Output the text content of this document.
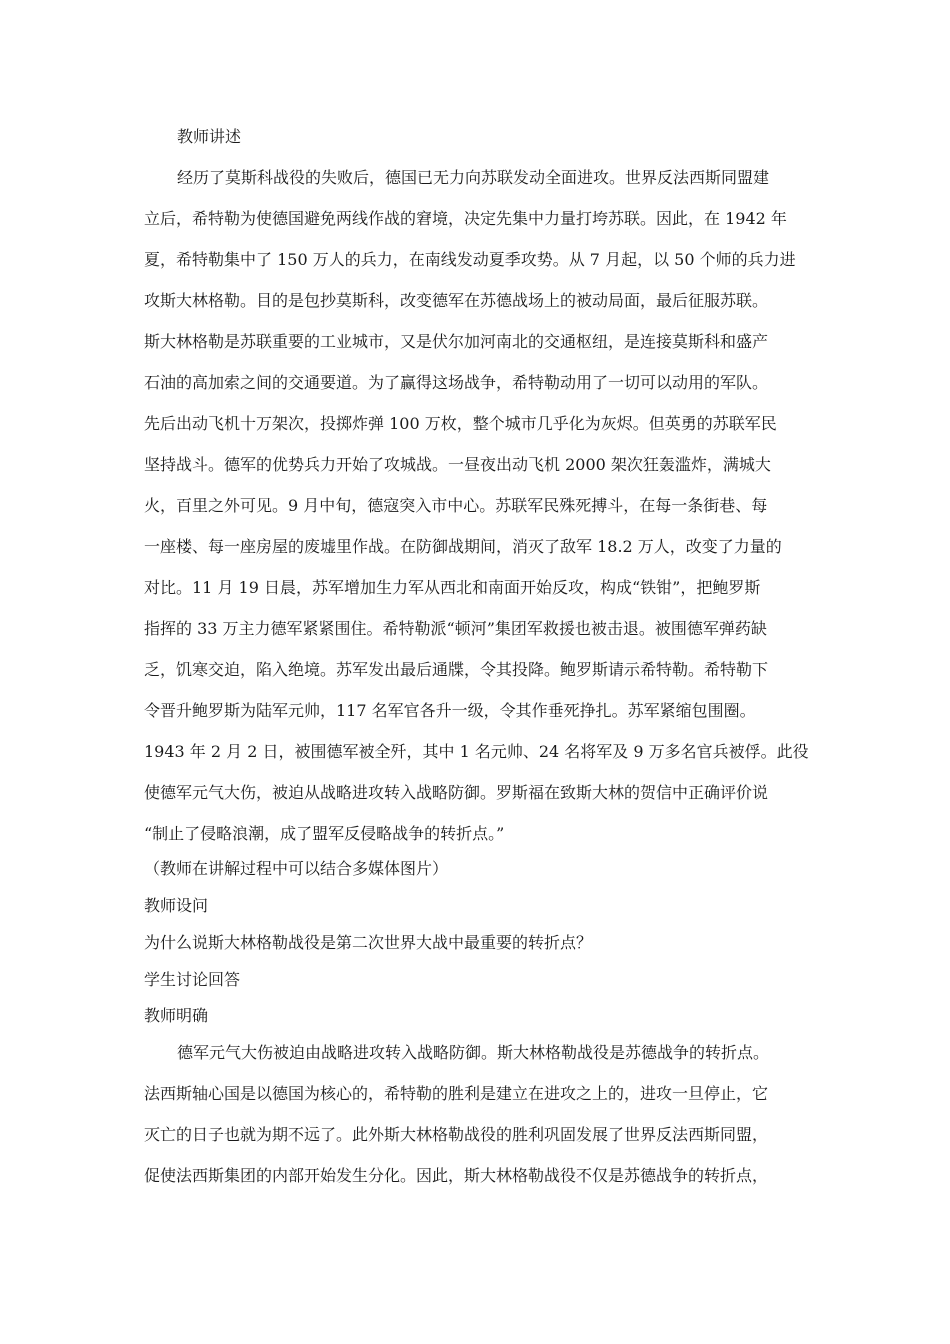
教师讲述
经历了莫斯科战役的失败后，德国已无力向苏联发动全面进攻。世界反法西斯同盟建
立后，希特勒为使德国避免两线作战的窘境，决定先集中力量打垮苏联。因此，在 1942 年
夏，希特勒集中了 150 万人的兵力，在南线发动夏季攻势。从 7 月起，以 50 个师的兵力进
攻斯大林格勒。目的是包抄莫斯科，改变德军在苏德战场上的被动局面，最后征服苏联。
斯大林格勒是苏联重要的工业城市，又是伏尔加河南北的交通枢纽，是连接莫斯科和盛产
石油的高加索之间的交通要道。为了赢得这场战争，希特勒动用了一切可以动用的军队。
先后出动飞机十万架次，投掷炸弹 100 万枚，整个城市几乎化为灰烬。但英勇的苏联军民
坚持战斗。德军的优势兵力开始了攻城战。一昼夜出动飞机 2000 架次狂轰滥炸，满城大
火，百里之外可见。9 月中旬，德寇突入市中心。苏联军民殊死搏斗，在每一条街巷、每
一座楼、每一座房屋的废墟里作战。在防御战期间，消灭了敌军 18.2 万人，改变了力量的
对比。11 月 19 日晨，苏军增加生力军从西北和南面开始反攻，构成“铁钳”，把鲍罗斯
指挥的 33 万主力德军紧紧围住。希特勒派“顿河”集团军救援也被击退。被围德军弹药缺
乏，饥寒交迫，陷入绝境。苏军发出最后通牒，令其投降。鲍罗斯请示希特勒。希特勒下
令晋升鲍罗斯为陆军元帅，117 名军官各升一级，令其作垂死挣扎。苏军紧缩包围圈。
1943 年 2 月 2 日，被围德军被全歼，其中 1 名元帅、24 名将军及 9 万多名官兵被俘。此役
使德军元气大伤，被迫从战略进攻转入战略防御。罗斯福在致斯大林的贺信中正确评价说
“制止了侵略浪潮，成了盟军反侵略战争的转折点。”
（教师在讲解过程中可以结合多媒体图片）
教师设问
为什么说斯大林格勒战役是第二次世界大战中最重要的转折点？
学生讨论回答
教师明确
德军元气大伤被迫由战略进攻转入战略防御。斯大林格勒战役是苏德战争的转折点。
法西斯轴心国是以德国为核心的，希特勒的胜利是建立在进攻之上的，进攻一旦停止，它
灭亡的日子也就为期不远了。此外斯大林格勒战役的胜利巩固发展了世界反法西斯同盟，
促使法西斯集团的内部开始发生分化。因此，斯大林格勒战役不仅是苏德战争的转折点，
